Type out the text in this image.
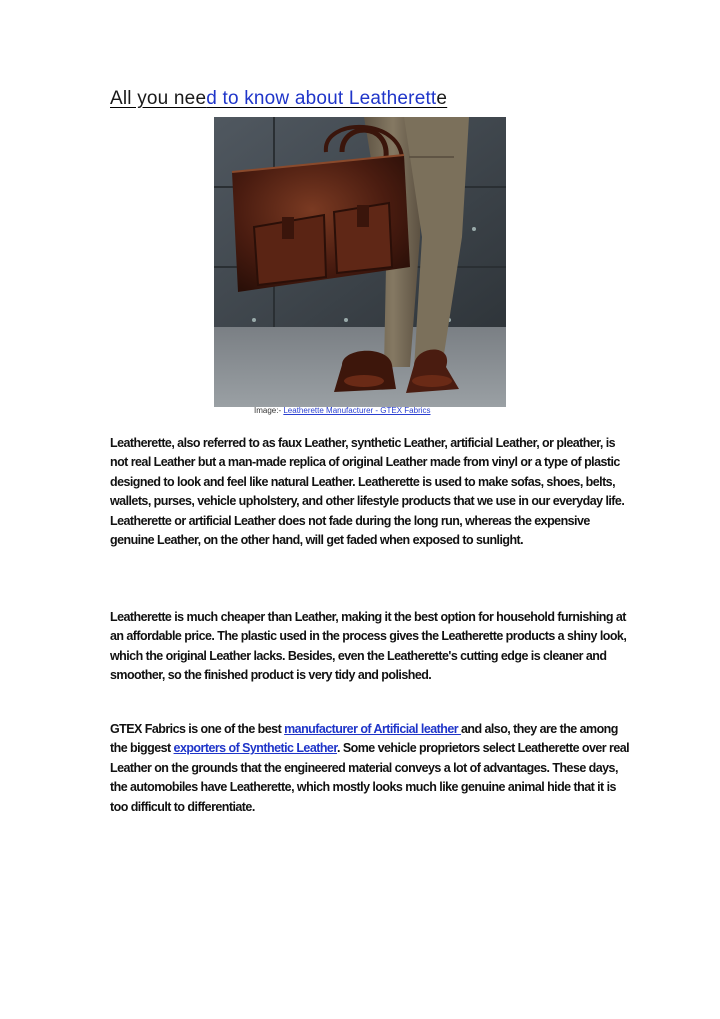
All you need to know about Leatherette
Image:- Leatherette Manufacturer - GTEX Fabrics

Leatherette, also referred to as faux Leather, synthetic Leather, artificial Leather, or pleather, is not real Leather but a man-made replica of original Leather made from vinyl or a type of plastic designed to look and feel like natural Leather. Leatherette is used to make sofas, shoes, belts, wallets, purses, vehicle upholstery, and other lifestyle products that we use in our everyday life.

Leatherette or artificial Leather does not fade during the long run, whereas the expensive genuine Leather, on the other hand, will get faded when exposed to sunlight.

Leatherette is much cheaper than Leather, making it the best option for household furnishing at an affordable price. The plastic used in the process gives the Leatherette products a shiny look, which the original Leather lacks. Besides, even the Leatherette's cutting edge is cleaner and smoother, so the finished product is very tidy and polished.

GTEX Fabrics is one of the best manufacturer of Artificial leather and also, they are the among the biggest exporters of Synthetic Leather. Some vehicle proprietors select Leatherette over real Leather on the grounds that the engineered material conveys a lot of advantages. These days, the automobiles have Leatherette, which mostly looks much like genuine animal hide that it is too difficult to differentiate.
